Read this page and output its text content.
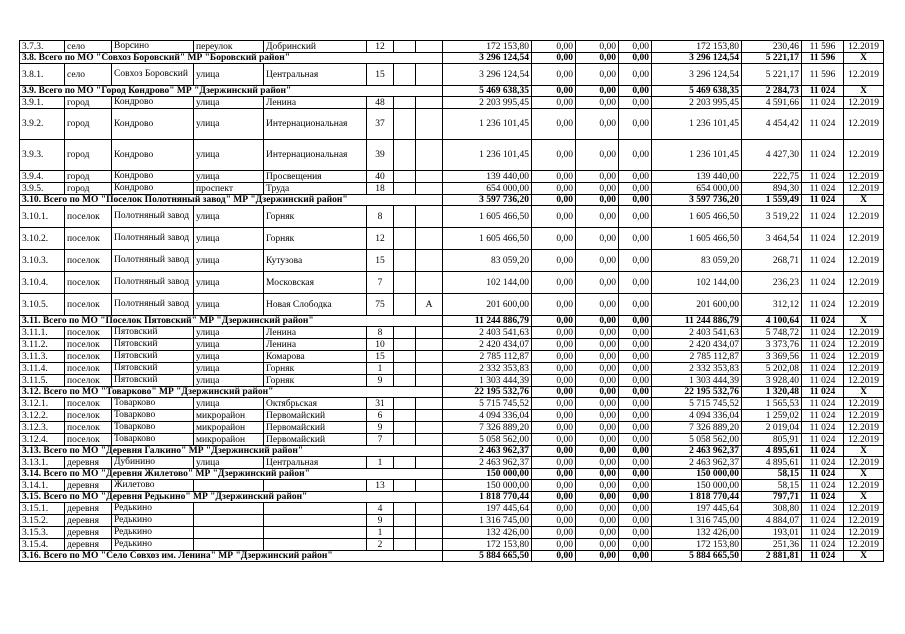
3.7.3.	село	Ворсино	переулок	Добринский	12			172 153,80	0,00	0,00	0,00	172 153,80	230,46	11 596	12.2019
3.8. Всего по МО "Совхоз Боровский" МР "Боровский район"								3 296 124,54	0,00	0,00	0,00	3 296 124,54	5 221,17	11 596	X
3.8.1.	село	Совхоз Боровский	улица	Центральная	15			3 296 124,54	0,00	0,00	0,00	3 296 124,54	5 221,17	11 596	12.2019
3.9. Всего по МО "Город Кондрово" МР "Дзержинский район"								5 469 638,35	0,00	0,00	0,00	5 469 638,35	2 284,73	11 024	X
3.9.1.	город	Кондрово	улица	Ленина	48			2 203 995,45	0,00	0,00	0,00	2 203 995,45	4 591,66	11 024	12.2019
3.9.2.	город	Кондрово	улица	Интернациональная	37			1 236 101,45	0,00	0,00	0,00	1 236 101,45	4 454,42	11 024	12.2019
3.9.3.	город	Кондрово	улица	Интернациональная	39			1 236 101,45	0,00	0,00	0,00	1 236 101,45	4 427,30	11 024	12.2019
3.9.4.	город	Кондрово	улица	Просвещения	40			139 440,00	0,00	0,00	0,00	139 440,00	222,75	11 024	12.2019
3.9.5.	город	Кондрово	проспект	Труда	18			654 000,00	0,00	0,00	0,00	654 000,00	894,30	11 024	12.2019
3.10. Всего по МО "Поселок Полотняный завод" МР "Дзержинский район"								3 597 736,20	0,00	0,00	0,00	3 597 736,20	1 559,49	11 024	X
3.10.1.	поселок	Полотняный завод	улица	Горняк	8			1 605 466,50	0,00	0,00	0,00	1 605 466,50	3 519,22	11 024	12.2019
3.10.2.	поселок	Полотняный завод	улица	Горняк	12			1 605 466,50	0,00	0,00	0,00	1 605 466,50	3 464,54	11 024	12.2019
3.10.3.	поселок	Полотняный завод	улица	Кутузова	15			83 059,20	0,00	0,00	0,00	83 059,20	268,71	11 024	12.2019
3.10.4.	поселок	Полотняный завод	улица	Московская	7			102 144,00	0,00	0,00	0,00	102 144,00	236,23	11 024	12.2019
3.10.5.	поселок	Полотняный завод	улица	Новая Слободка	75		А	201 600,00	0,00	0,00	0,00	201 600,00	312,12	11 024	12.2019
3.11. Всего по МО "Поселок Пятовский" МР "Дзержинский район"								11 244 886,79	0,00	0,00	0,00	11 244 886,79	4 100,64	11 024	X
3.11.1.	поселок	Пятовский	улица	Ленина	8			2 403 541,63	0,00	0,00	0,00	2 403 541,63	5 748,72	11 024	12.2019
3.11.2.	поселок	Пятовский	улица	Ленина	10			2 420 434,07	0,00	0,00	0,00	2 420 434,07	3 373,76	11 024	12.2019
3.11.3.	поселок	Пятовский	улица	Комарова	15			2 785 112,87	0,00	0,00	0,00	2 785 112,87	3 369,56	11 024	12.2019
3.11.4.	поселок	Пятовский	улица	Горняк	1			2 332 353,83	0,00	0,00	0,00	2 332 353,83	5 202,08	11 024	12.2019
3.11.5.	поселок	Пятовский	улица	Горняк	9			1 303 444,39	0,00	0,00	0,00	1 303 444,39	3 928,40	11 024	12.2019
3.12. Всего по МО "Товарково" МР "Дзержинский район"								22 195 532,76	0,00	0,00	0,00	22 195 532,76	1 320,48	11 024	X
3.12.1.	поселок	Товарково	улица	Октябрьская	31			5 715 745,52	0,00	0,00	0,00	5 715 745,52	1 565,53	11 024	12.2019
3.12.2.	поселок	Товарково	микрорайон	Первомайский	6			4 094 336,04	0,00	0,00	0,00	4 094 336,04	1 259,02	11 024	12.2019
3.12.3.	поселок	Товарково	микрорайон	Первомайский	9			7 326 889,20	0,00	0,00	0,00	7 326 889,20	2 019,04	11 024	12.2019
3.12.4.	поселок	Товарково	микрорайон	Первомайский	7			5 058 562,00	0,00	0,00	0,00	5 058 562,00	805,91	11 024	12.2019
3.13. Всего по МО "Деревня Галкино" МР "Дзержинский район"								2 463 962,37	0,00	0,00	0,00	2 463 962,37	4 895,61	11 024	X
3.13.1.	деревня	Дубинино	улица	Центральная	1			2 463 962,37	0,00	0,00	0,00	2 463 962,37	4 895,61	11 024	12.2019
3.14. Всего по МО "Деревня Жилетово" МР "Дзержинский район"								150 000,00	0,00	0,00	0,00	150 000,00	58,15	11 024	X
3.14.1.	деревня	Жилетово			13			150 000,00	0,00	0,00	0,00	150 000,00	58,15	11 024	12.2019
3.15. Всего по МО "Деревня Редькино" МР "Дзержинский район"								1 818 770,44	0,00	0,00	0,00	1 818 770,44	797,71	11 024	X
3.15.1.	деревня	Редькино			4			197 445,64	0,00	0,00	0,00	197 445,64	308,80	11 024	12.2019
3.15.2.	деревня	Редькино			9			1 316 745,00	0,00	0,00	0,00	1 316 745,00	4 884,07	11 024	12.2019
3.15.3.	деревня	Редькино			1			132 426,00	0,00	0,00	0,00	132 426,00	193,01	11 024	12.2019
3.15.4.	деревня	Редькино			2			172 153,80	0,00	0,00	0,00	172 153,80	251,36	11 024	12.2019
3.16. Всего по МО "Село Совхоз им. Ленина" МР "Дзержинский район"								5 884 665,50	0,00	0,00	0,00	5 884 665,50	2 881,81	11 024	X
